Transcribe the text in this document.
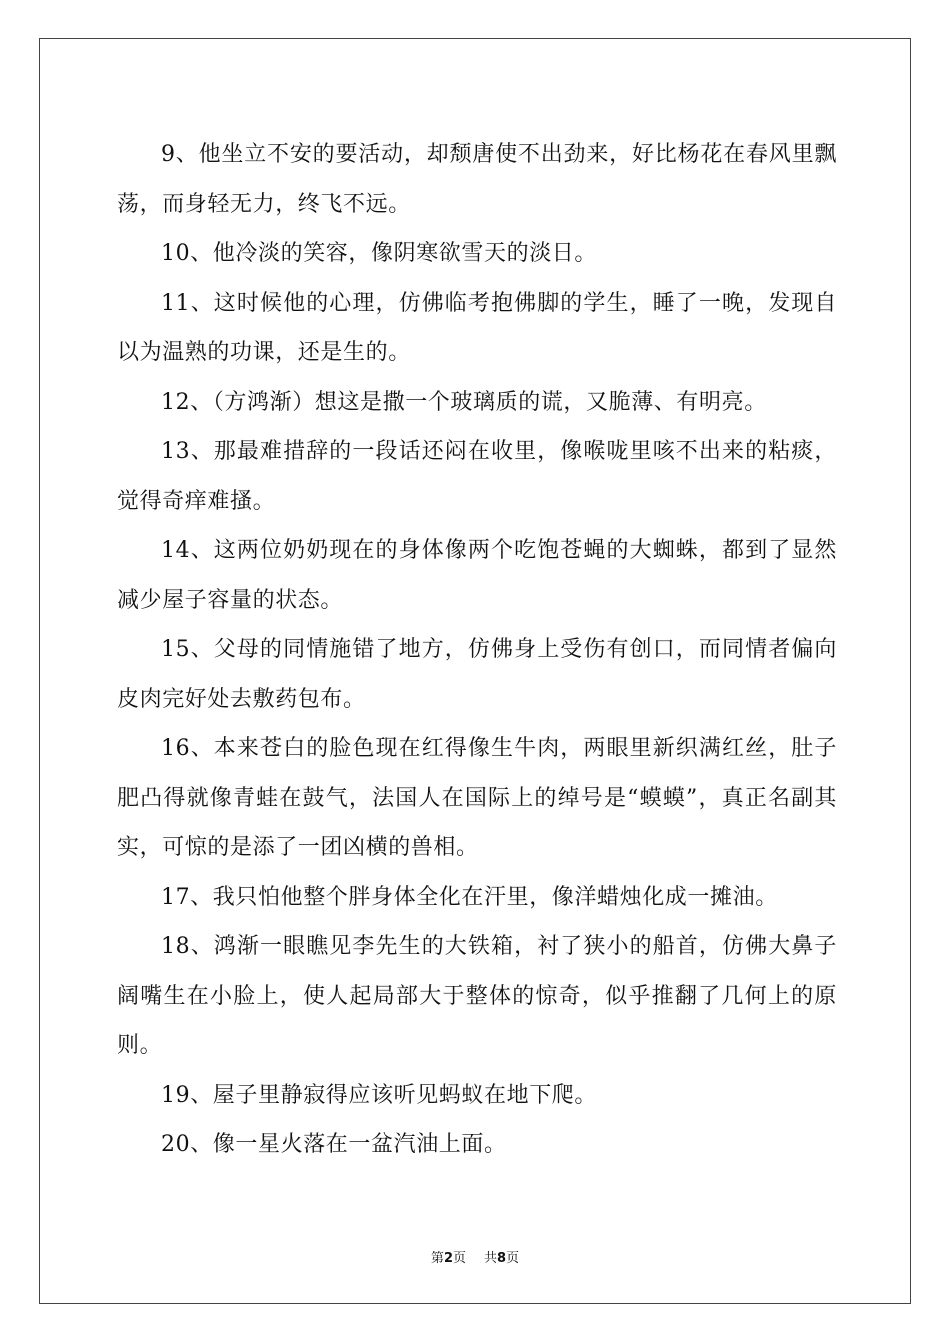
9、他坐立不安的要活动，却颓唐使不出劲来，好比杨花在春风里飘荡，而身轻无力，终飞不远。

10、他冷淡的笑容，像阴寒欲雪天的淡日。

11、这时候他的心理，仿佛临考抱佛脚的学生，睡了一晚，发现自以为温熟的功课，还是生的。

12、（方鸿渐）想这是撒一个玻璃质的谎，又脆薄、有明亮。

13、那最难措辞的一段话还闷在收里，像喉咙里咳不出来的粘痰，觉得奇痒难搔。

14、这两位奶奶现在的身体像两个吃饱苍蝇的大蜘蛛，都到了显然减少屋子容量的状态。

15、父母的同情施错了地方，仿佛身上受伤有创口，而同情者偏向皮肉完好处去敷药包布。

16、本来苍白的脸色现在红得像生牛肉，两眼里新织满红丝，肚子肥凸得就像青蛙在鼓气，法国人在国际上的绰号是“蟆蟆”，真正名副其实，可惊的是添了一团凶横的兽相。

17、我只怕他整个胖身体全化在汗里，像洋蜡烛化成一摊油。

18、鸿渐一眼瞧见李先生的大铁箱，衬了狭小的船首，仿佛大鼻子阔嘴生在小脸上，使人起局部大于整体的惊奇，似乎推翻了几何上的原则。

19、屋子里静寂得应该听见蚂蚁在地下爬。

20、像一星火落在一盆汽油上面。

第2页 共8页
